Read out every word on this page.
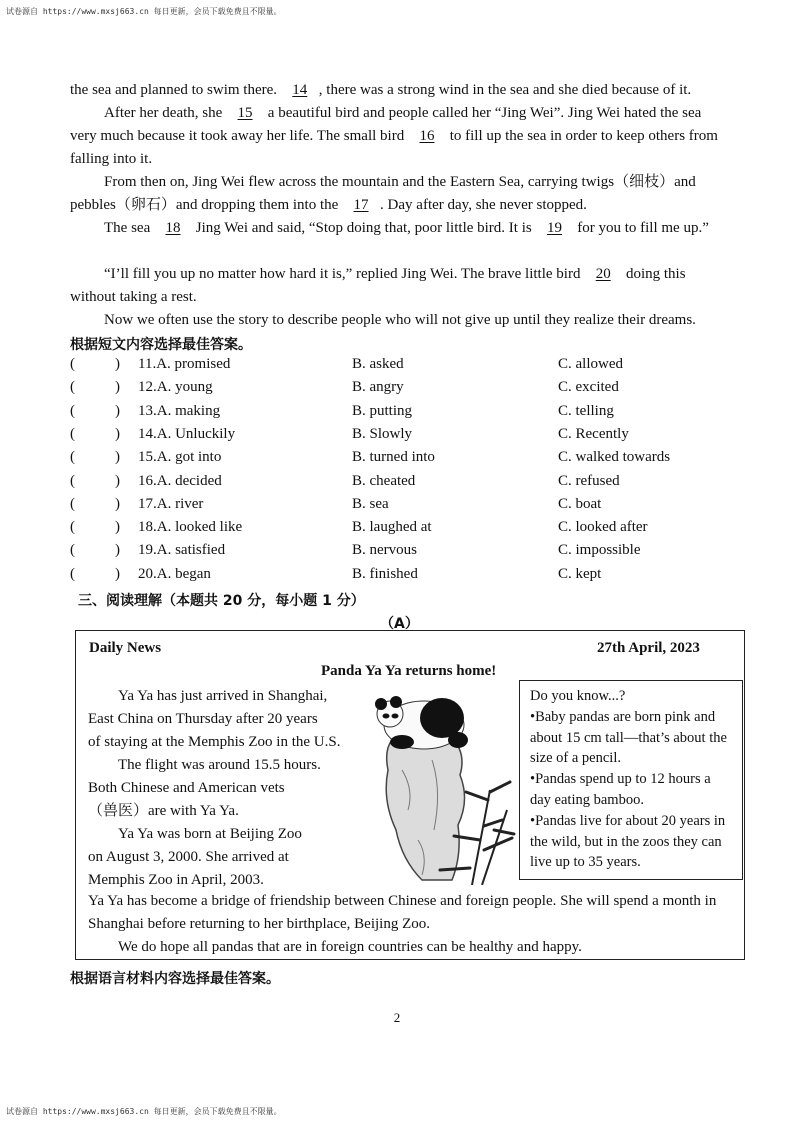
试卷源自 https://www.mxsj663.cn 每日更新，会员下载免费且不限量。
the sea and planned to swim there. 14 , there was a strong wind in the sea and she died because of it.
After her death, she 15 a beautiful bird and people called her “Jing Wei”. Jing Wei hated the sea very much because it took away her life. The small bird 16 to fill up the sea in order to keep others from falling into it.
From then on, Jing Wei flew across the mountain and the Eastern Sea, carrying twigs（细枝）and pebbles（卵石）and dropping them into the 17 . Day after day, she never stopped.
The sea 18 Jing Wei and said, “Stop doing that, poor little bird. It is 19 for you to fill me up.”
“I’ll fill you up no matter how hard it is,” replied Jing Wei. The brave little bird 20 doing this without taking a rest.
Now we often use the story to describe people who will not give up until they realize their dreams.
根据短文内容选择最佳答案。
(	) 11.A. promised	B. asked	C. allowed
(	) 12.A. young	B. angry	C. excited
(	) 13.A. making	B. putting	C. telling
(	) 14.A. Unluckily	B. Slowly	C. Recently
(	) 15.A. got into	B. turned into	C. walked towards
(	) 16.A. decided	B. cheated	C. refused
(	) 17.A. river	B. sea	C. boat
(	) 18.A. looked like	B. laughed at	C. looked after
(	) 19.A. satisfied	B. nervous	C. impossible
(	) 20.A. began	B. finished	C. kept
三、阅读理解（本题共 20 分，每小题 1 分）
（A）
Daily News	27th April, 2023
Panda Ya Ya returns home!
Ya Ya has just arrived in Shanghai,
East China on Thursday after 20 years
of staying at the Memphis Zoo in the U.S.
The flight was around 15.5 hours.
Both Chinese and American vets
（兽医）are with Ya Ya.
Ya Ya was born at Beijing Zoo
on August 3, 2000. She arrived at
Memphis Zoo in April, 2003.
Ya Ya has become a bridge of friendship between Chinese and foreign people. She will spend a month in Shanghai before returning to her birthplace, Beijing Zoo.
We do hope all pandas that are in foreign countries can be healthy and happy.
Do you know...?
•Baby pandas are born pink and about 15 cm tall—that’s about the size of a pencil.
•Pandas spend up to 12 hours a day eating bamboo.
•Pandas live for about 20 years in the wild, but in the zoos they can live up to 35 years.
根据语言材料内容选择最佳答案。
2
试卷源自 https://www.mxsj663.cn 每日更新，会员下载免费且不限量。
